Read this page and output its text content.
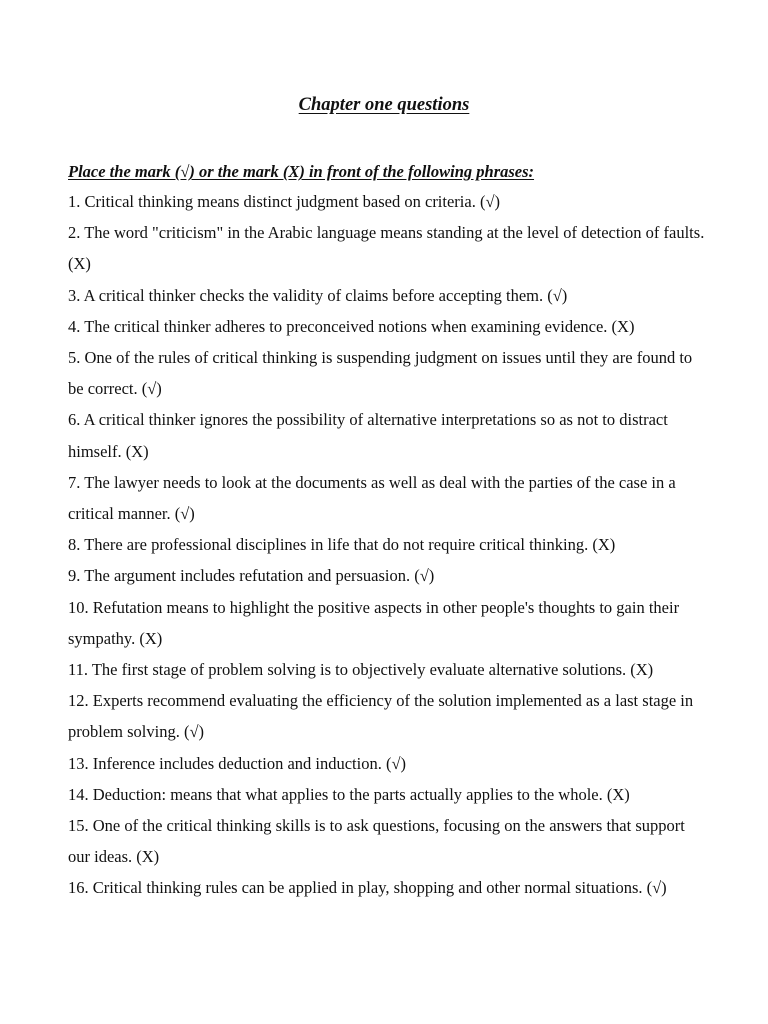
Chapter one questions
Place the mark (√) or the mark (X) in front of the following phrases:
1. Critical thinking means distinct judgment based on criteria. (√)
2. The word "criticism" in the Arabic language means standing at the level of detection of faults. (X)
3. A critical thinker checks the validity of claims before accepting them. (√)
4. The critical thinker adheres to preconceived notions when examining evidence. (X)
5. One of the rules of critical thinking is suspending judgment on issues until they are found to be correct. (√)
6. A critical thinker ignores the possibility of alternative interpretations so as not to distract himself. (X)
7. The lawyer needs to look at the documents as well as deal with the parties of the case in a critical manner. (√)
8. There are professional disciplines in life that do not require critical thinking. (X)
9. The argument includes refutation and persuasion. (√)
10. Refutation means to highlight the positive aspects in other people's thoughts to gain their sympathy. (X)
11. The first stage of problem solving is to objectively evaluate alternative solutions. (X)
12. Experts recommend evaluating the efficiency of the solution implemented as a last stage in problem solving. (√)
13. Inference includes deduction and induction. (√)
14. Deduction: means that what applies to the parts actually applies to the whole. (X)
15. One of the critical thinking skills is to ask questions, focusing on the answers that support our ideas. (X)
16. Critical thinking rules can be applied in play, shopping and other normal situations. (√)
